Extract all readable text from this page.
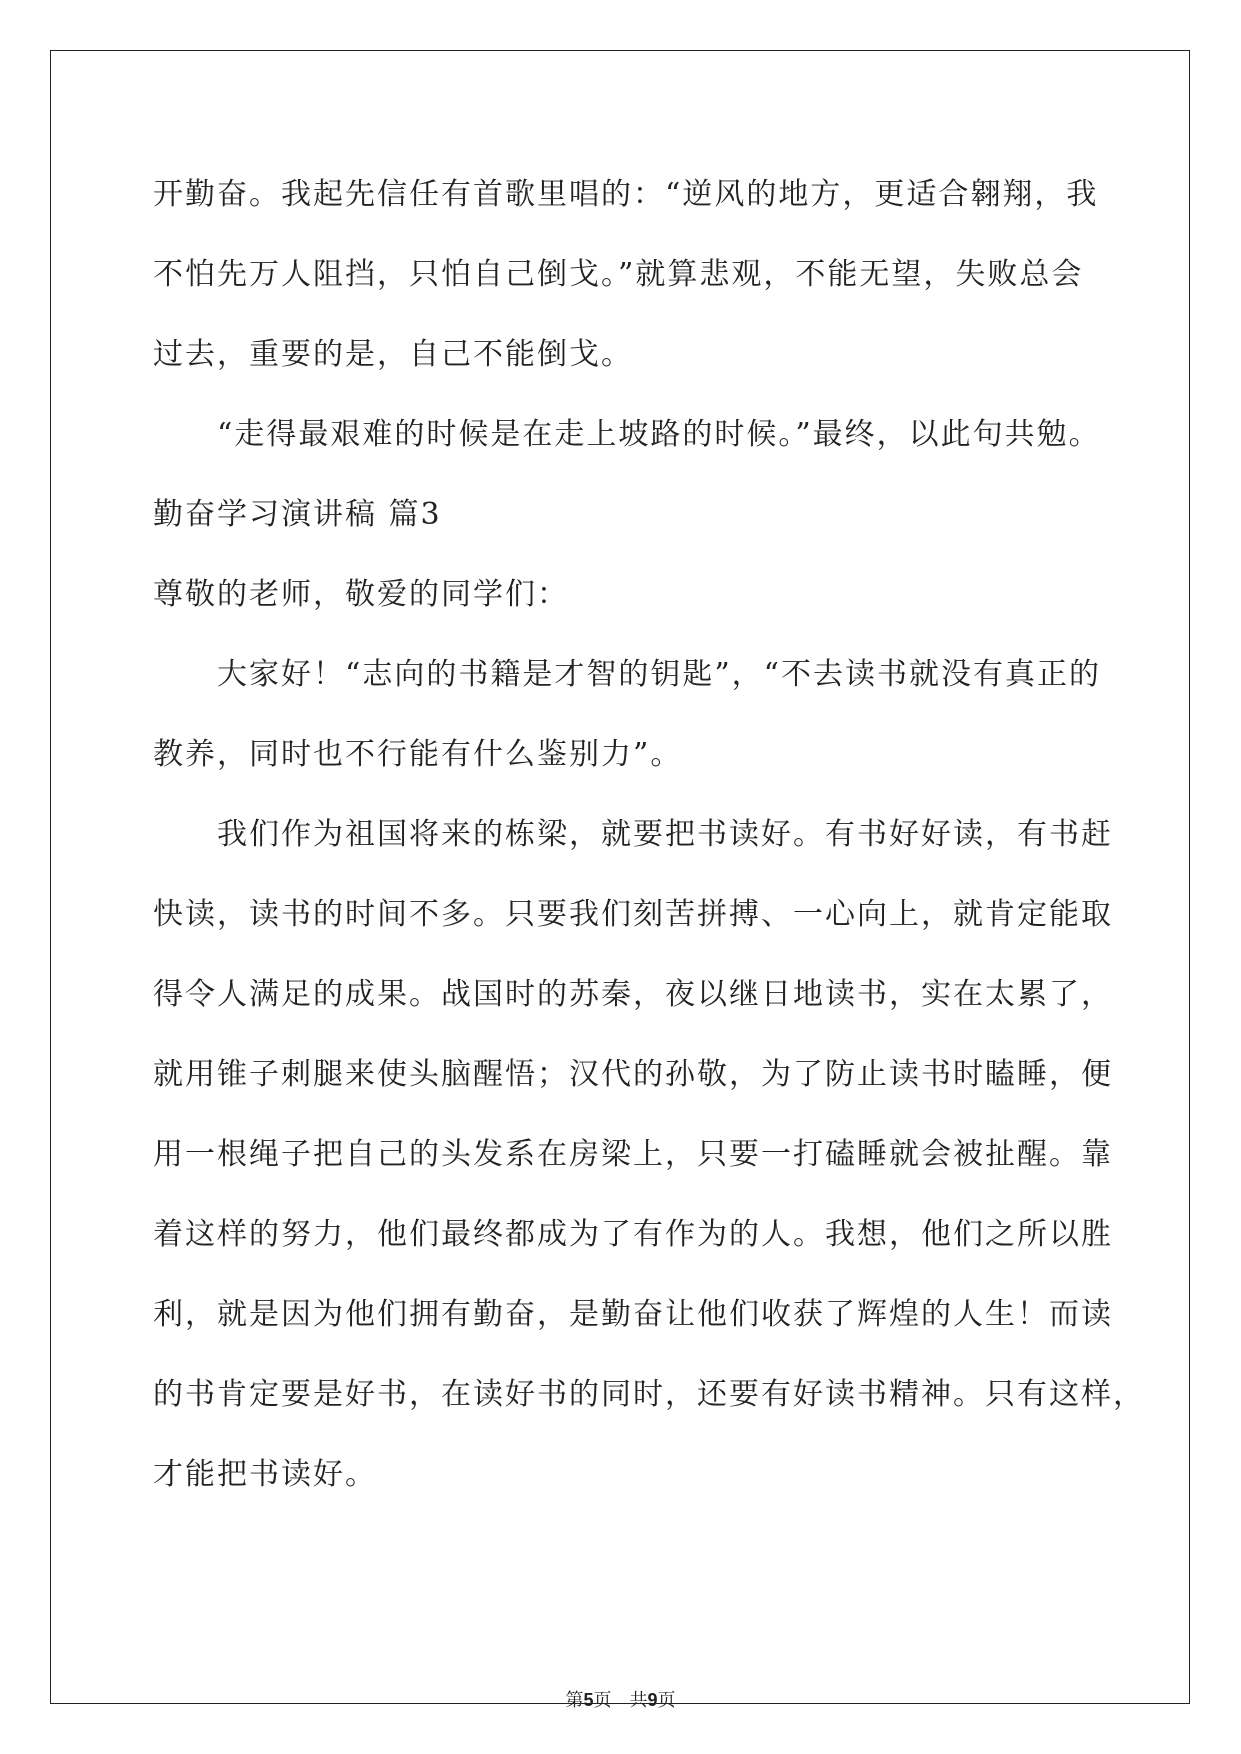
开勤奋。我起先信任有首歌里唱的：“逆风的地方，更适合翱翔，我
不怕先万人阻挡，只怕自己倒戈。”就算悲观，不能无望，失败总会
过去，重要的是，自己不能倒戈。
　　“走得最艰难的时候是在走上坡路的时候。”最终，以此句共勉。
勤奋学习演讲稿 篇3
尊敬的老师，敬爱的同学们：
　　大家好！“志向的书籍是才智的钥匙”，“不去读书就没有真正的
教养，同时也不行能有什么鉴别力”。
　　我们作为祖国将来的栋梁，就要把书读好。有书好好读，有书赶
快读，读书的时间不多。只要我们刻苦拼搏、一心向上，就肯定能取
得令人满足的成果。战国时的苏秦，夜以继日地读书，实在太累了，
就用锥子刺腿来使头脑醒悟；汉代的孙敬，为了防止读书时瞌睡，便
用一根绳子把自己的头发系在房梁上，只要一打磕睡就会被扯醒。靠
着这样的努力，他们最终都成为了有作为的人。我想，他们之所以胜
利，就是因为他们拥有勤奋，是勤奋让他们收获了辉煌的人生！而读
的书肯定要是好书，在读好书的同时，还要有好读书精神。只有这样，
才能把书读好。
第5页　共9页
